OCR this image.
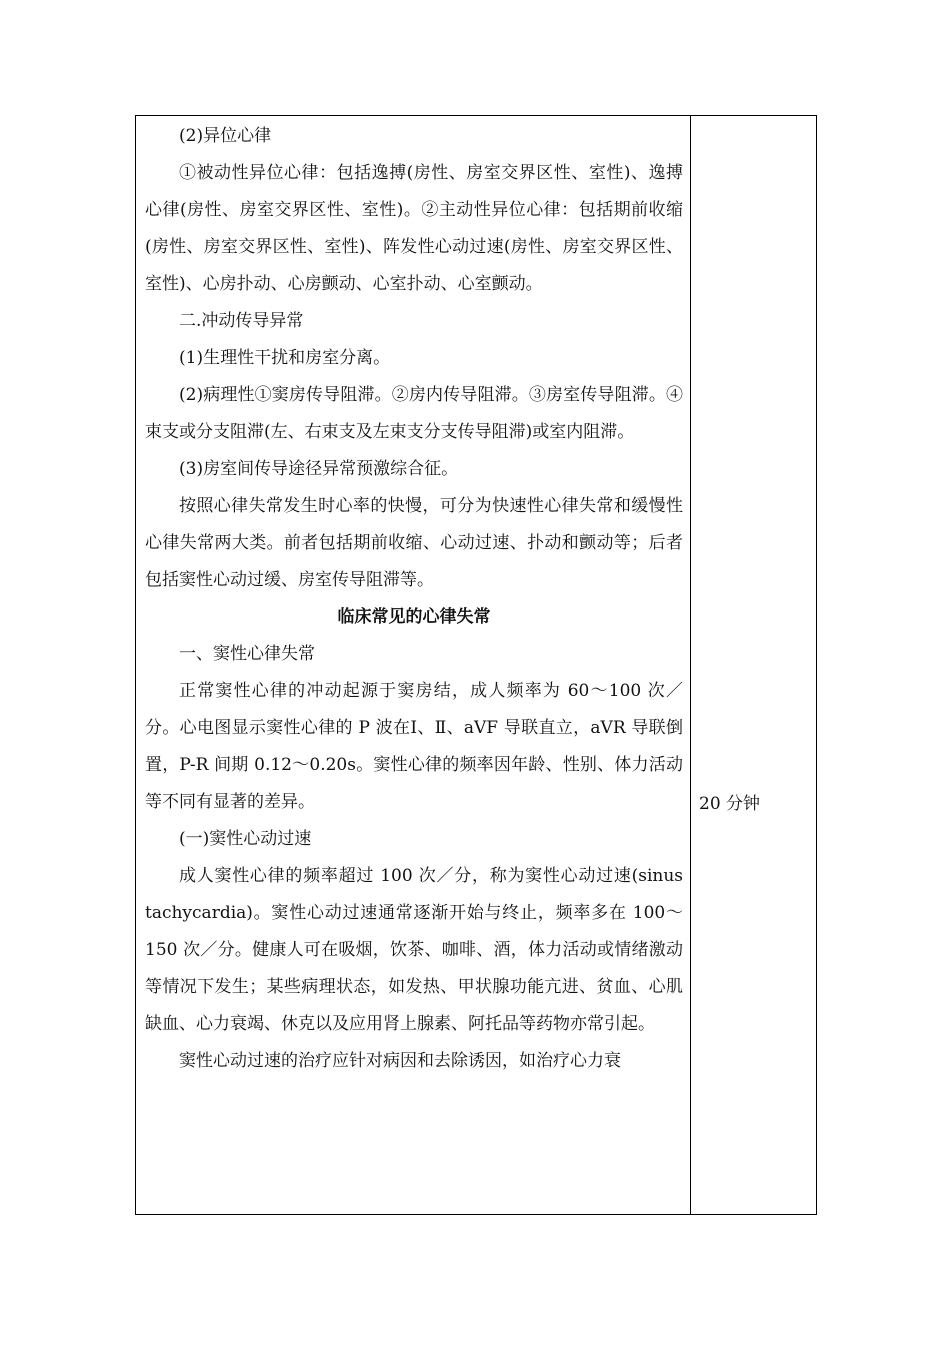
(2)异位心律

①被动性异位心律：包括逸搏(房性、房室交界区性、室性)、逸搏心律(房性、房室交界区性、室性)。②主动性异位心律：包括期前收缩(房性、房室交界区性、室性)、阵发性心动过速(房性、房室交界区性、室性)、心房扑动、心房颤动、心室扑动、心室颤动。

二.冲动传导异常

(1)生理性干扰和房室分离。

(2)病理性①窦房传导阻滞。②房内传导阻滞。③房室传导阻滞。④束支或分支阻滞(左、右束支及左束支分支传导阻滞)或室内阻滞。

(3)房室间传导途径异常预激综合征。

按照心律失常发生时心率的快慢，可分为快速性心律失常和缓慢性心律失常两大类。前者包括期前收缩、心动过速、扑动和颤动等；后者包括窦性心动过缓、房室传导阻滞等。

临床常见的心律失常

一、窦性心律失常

正常窦性心律的冲动起源于窦房结，成人频率为 60～100 次／分。心电图显示窦性心律的 P 波在Ⅰ、Ⅱ、aVF 导联直立，aVR 导联倒置，P-R 间期 0.12～0.20s。窦性心律的频率因年龄、性别、体力活动等不同有显著的差异。

(一)窦性心动过速

成人窦性心律的频率超过 100 次／分，称为窦性心动过速(sinus tachycardia)。窦性心动过速通常逐渐开始与终止，频率多在 100～150 次／分。健康人可在吸烟，饮茶、咖啡、酒，体力活动或情绪激动等情况下发生；某些病理状态，如发热、甲状腺功能亢进、贫血、心肌缺血、心力衰竭、休克以及应用肾上腺素、阿托品等药物亦常引起。

窦性心动过速的治疗应针对病因和去除诱因，如治疗心力衰

20 分钟
